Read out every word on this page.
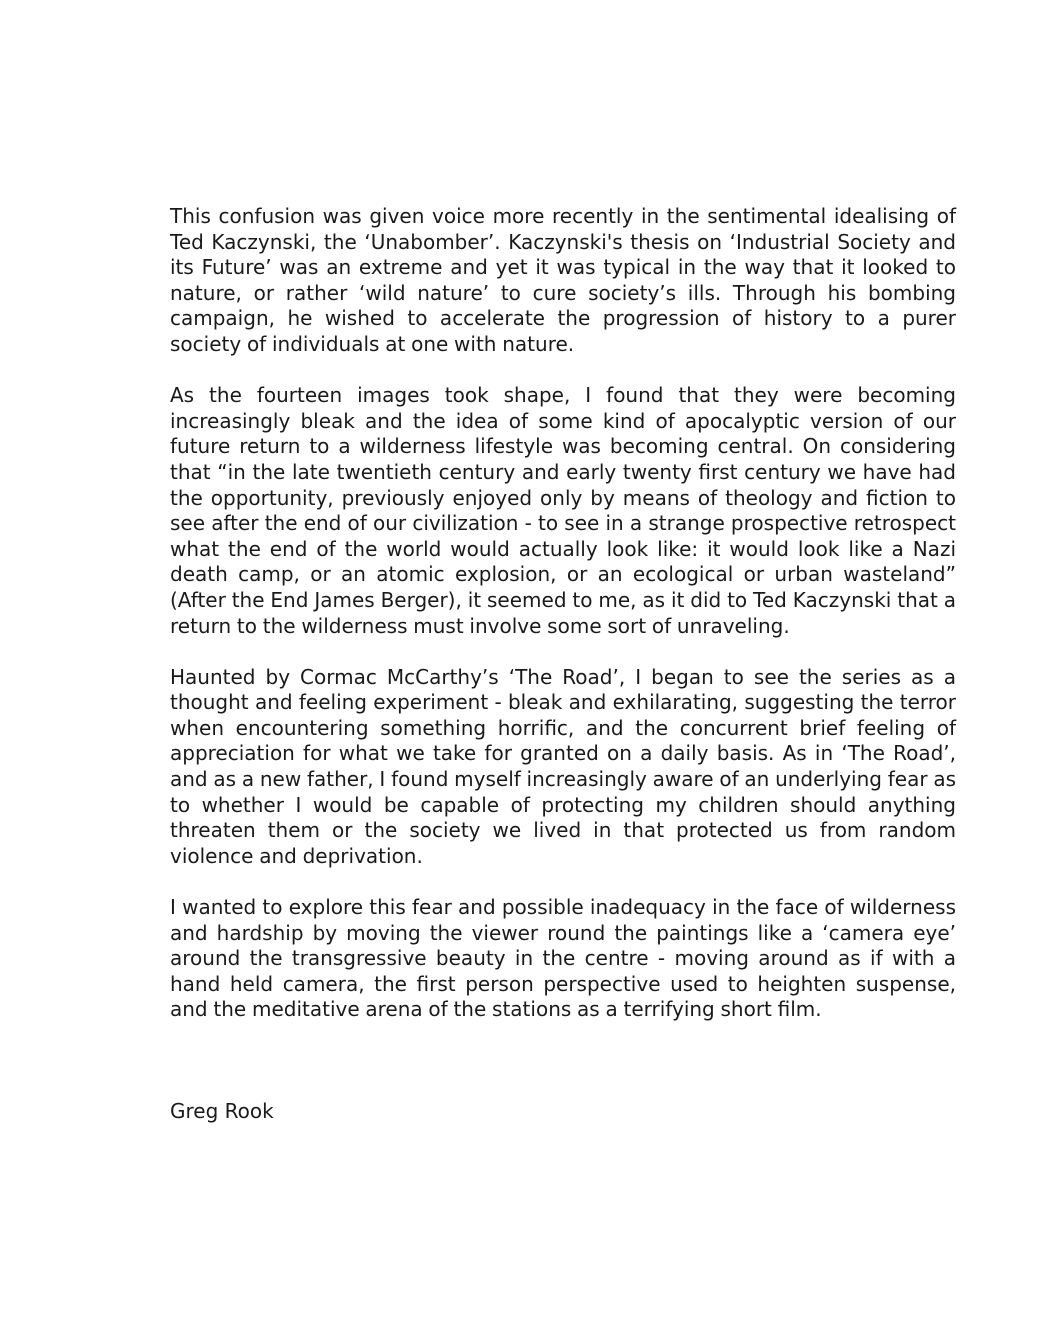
This confusion was given voice more recently in the sentimental idealising of Ted Kaczynski, the ‘Unabomber’. Kaczynski's thesis on ‘Industrial Society and its Future’ was an extreme and yet it was typical in the way that it looked to nature, or rather ‘wild nature’ to cure society’s ills. Through his bombing campaign, he wished to accelerate the progression of history to a purer society of individuals at one with nature.

As the fourteen images took shape, I found that they were becoming increasingly bleak and the idea of some kind of apocalyptic version of our future return to a wilderness lifestyle was becoming central. On considering that “in the late twentieth century and early twenty first century we have had the opportunity, previously enjoyed only by means of theology and fiction to see after the end of our civilization - to see in a strange prospective retrospect what the end of the world would actually look like: it would look like a Nazi death camp, or an atomic explosion, or an ecological or urban wasteland” (After the End James Berger), it seemed to me, as it did to Ted Kaczynski that a return to the wilderness must involve some sort of unraveling.

Haunted by Cormac McCarthy’s ‘The Road’, I began to see the series as a thought and feeling experiment - bleak and exhilarating, suggesting the terror when encountering something horrific, and the concurrent brief feeling of appreciation for what we take for granted on a daily basis. As in ‘The Road’, and as a new father, I found myself increasingly aware of an underlying fear as to whether I would be capable of protecting my children should anything threaten them or the society we lived in that protected us from random violence and deprivation.

I wanted to explore this fear and possible inadequacy in the face of wilderness and hardship by moving the viewer round the paintings like a ‘camera eye’ around the transgressive beauty in the centre - moving around as if with a hand held camera, the first person perspective used to heighten suspense, and the meditative arena of the stations as a terrifying short film.

Greg Rook
